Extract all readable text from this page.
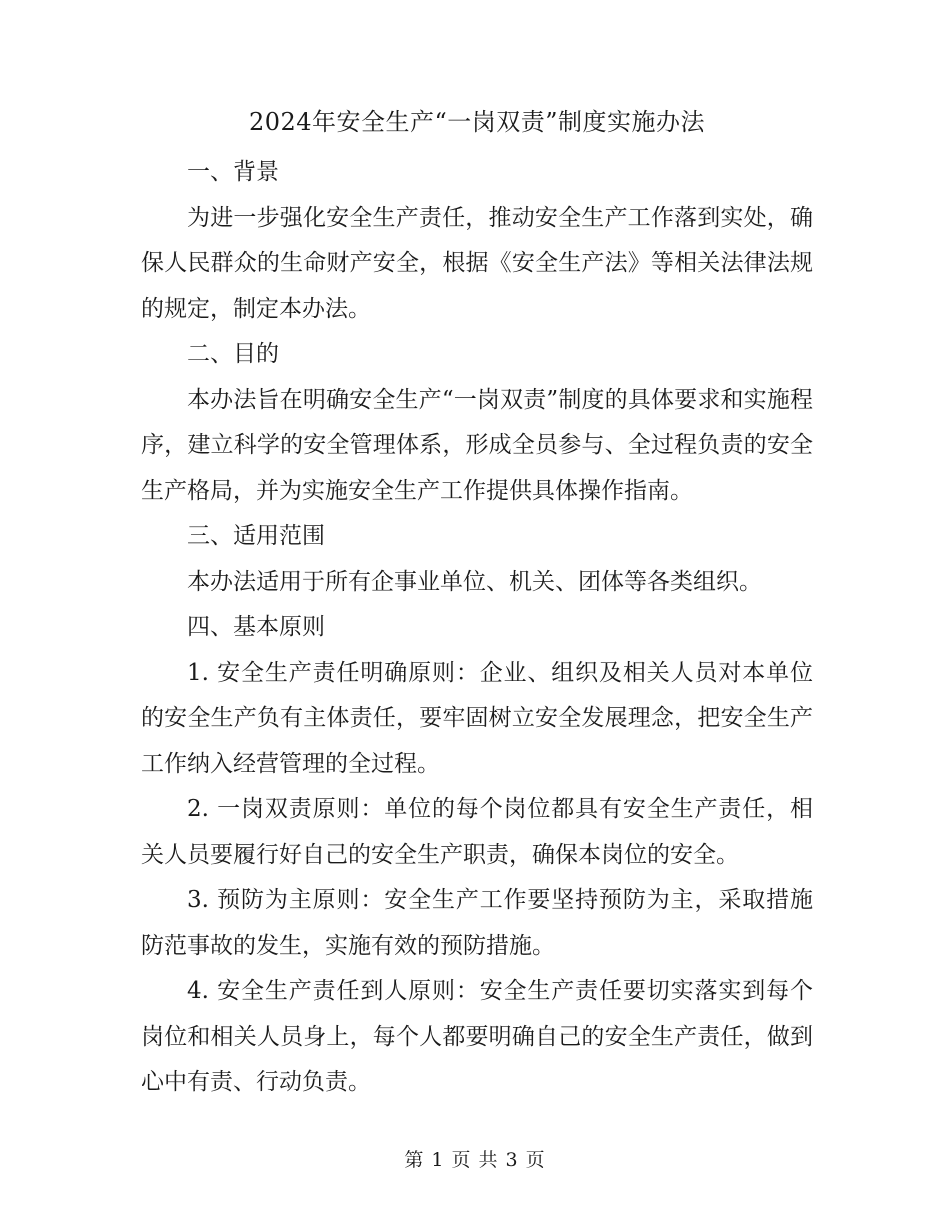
2024年安全生产“一岗双责”制度实施办法
一、背景

为进一步强化安全生产责任，推动安全生产工作落到实处，确保人民群众的生命财产安全，根据《安全生产法》等相关法律法规的规定，制定本办法。

二、目的

本办法旨在明确安全生产“一岗双责”制度的具体要求和实施程序，建立科学的安全管理体系，形成全员参与、全过程负责的安全生产格局，并为实施安全生产工作提供具体操作指南。

三、适用范围

本办法适用于所有企事业单位、机关、团体等各类组织。

四、基本原则

1. 安全生产责任明确原则：企业、组织及相关人员对本单位的安全生产负有主体责任，要牢固树立安全发展理念，把安全生产工作纳入经营管理的全过程。

2. 一岗双责原则：单位的每个岗位都具有安全生产责任，相关人员要履行好自己的安全生产职责，确保本岗位的安全。

3. 预防为主原则：安全生产工作要坚持预防为主，采取措施防范事故的发生，实施有效的预防措施。

4. 安全生产责任到人原则：安全生产责任要切实落实到每个岗位和相关人员身上，每个人都要明确自己的安全生产责任，做到心中有责、行动负责。

第 1 页 共 3 页
